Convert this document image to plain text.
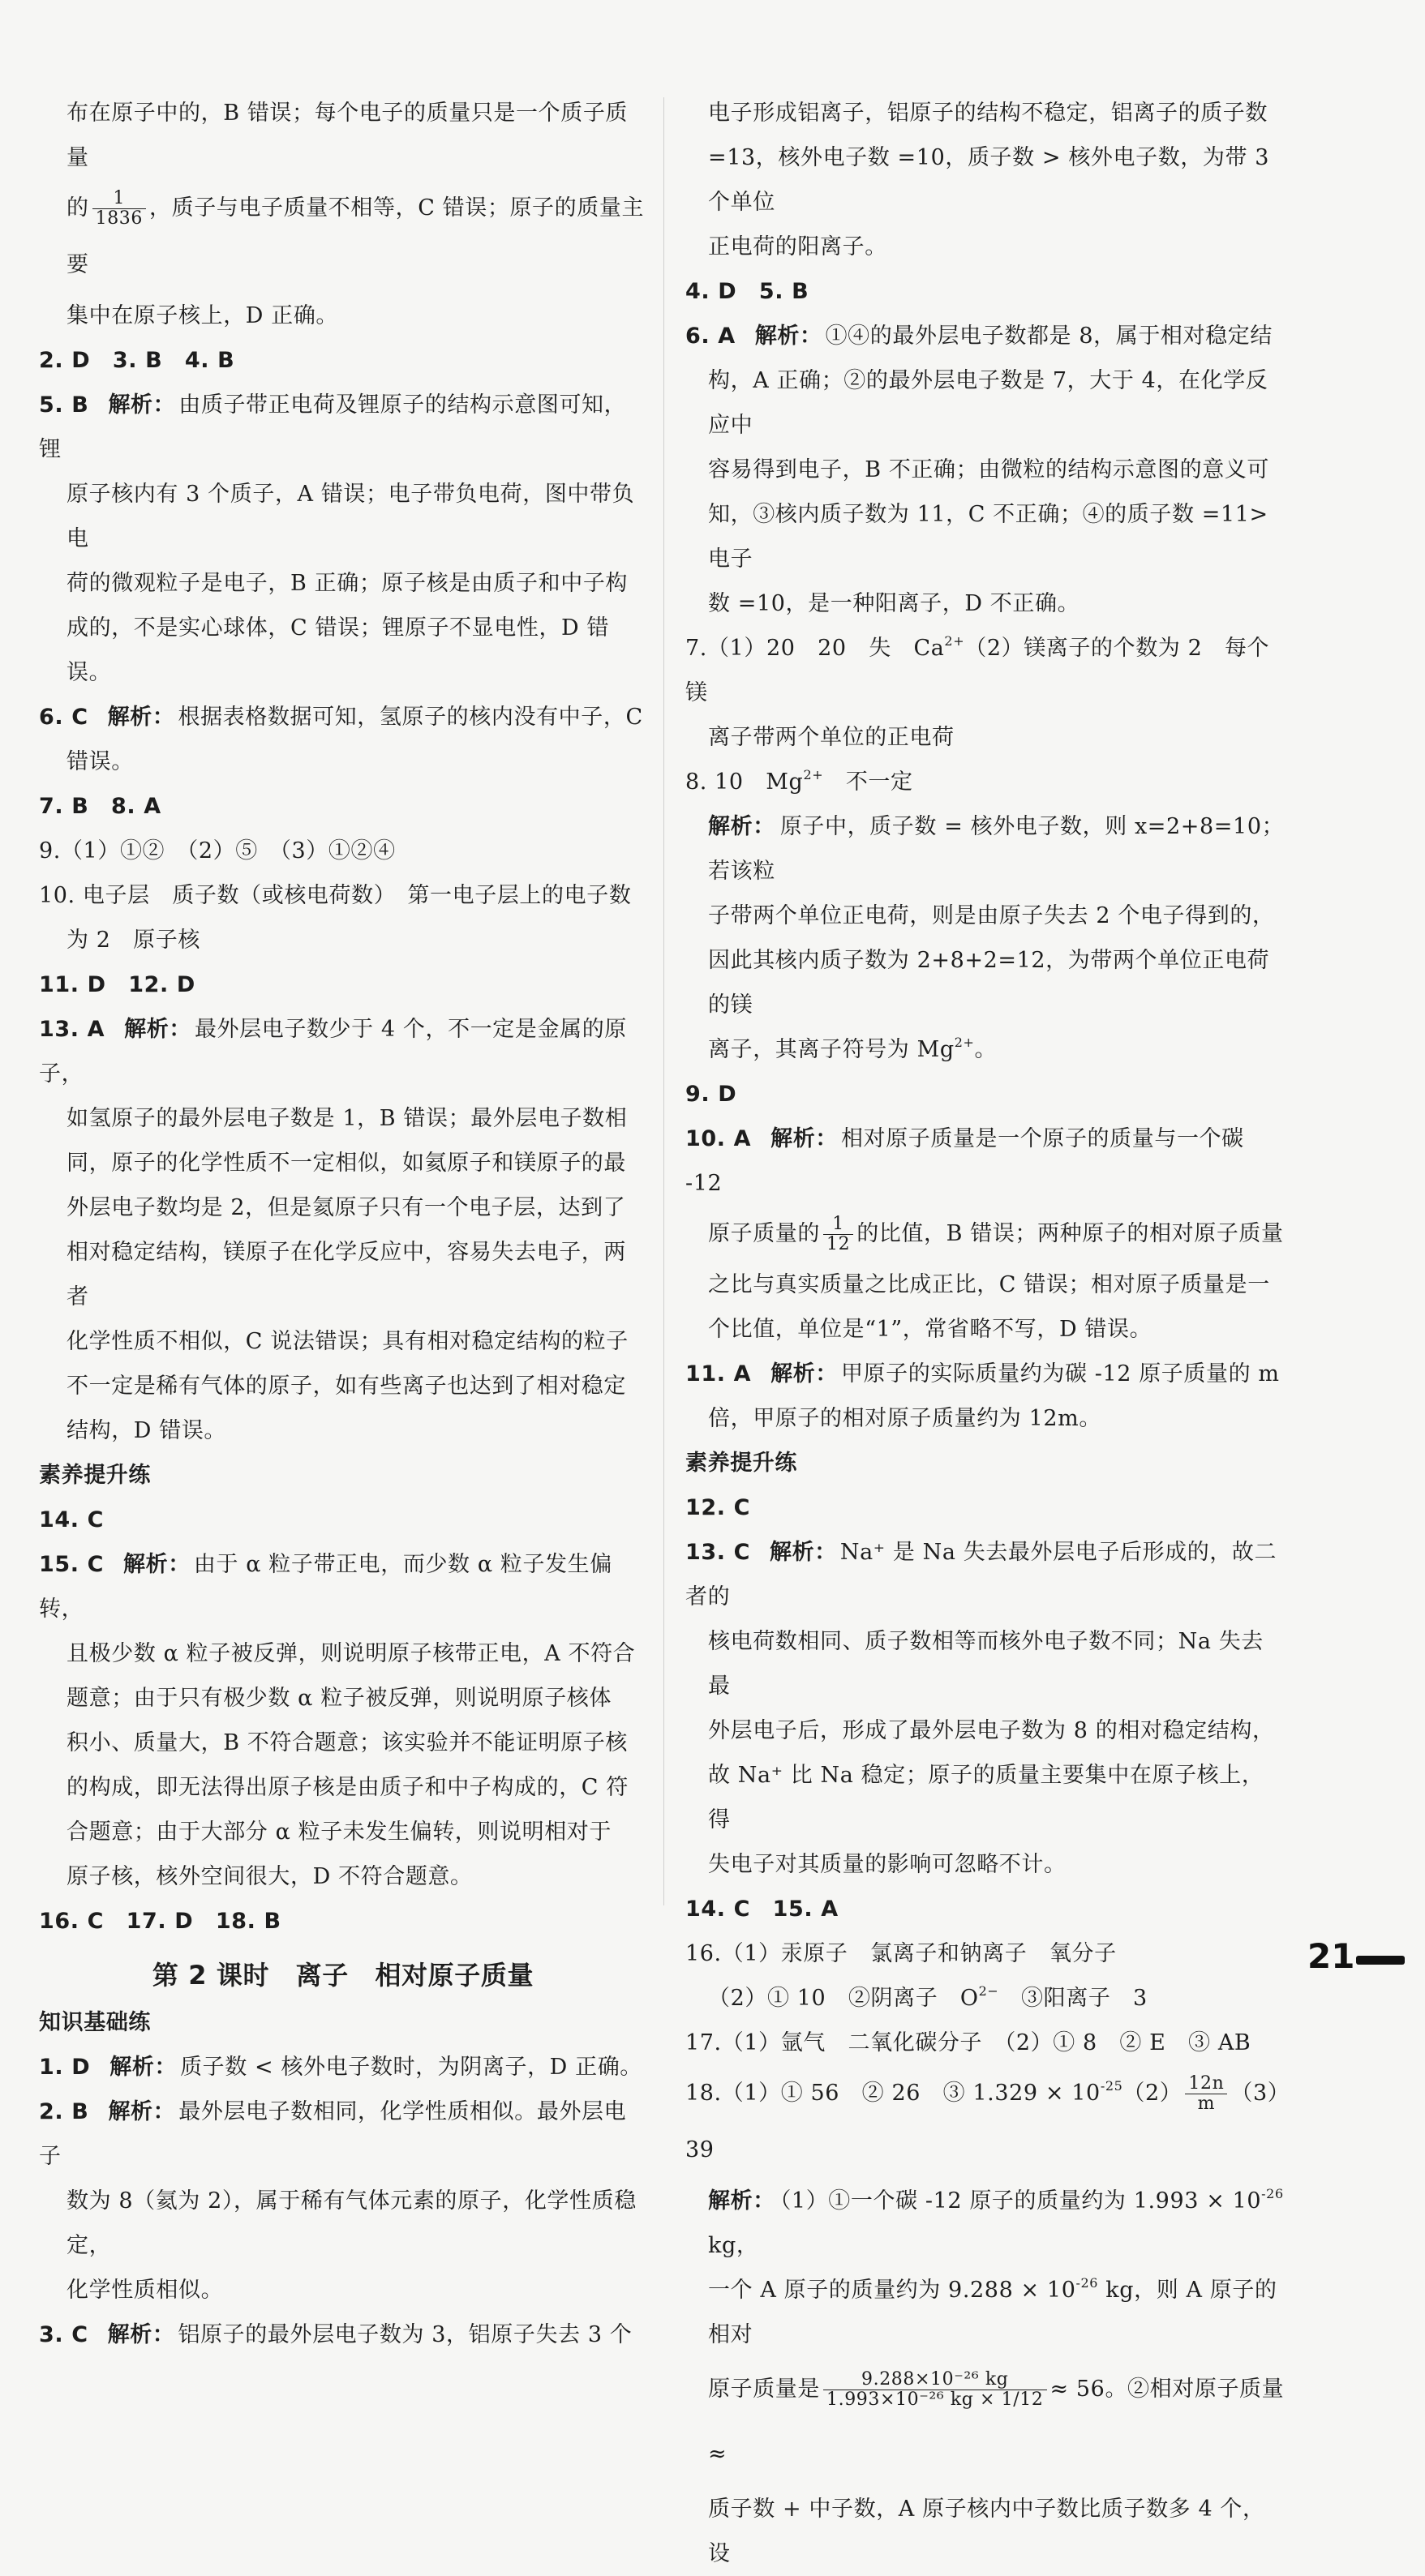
布在原子中的，B 错误；每个电子的质量只是一个质子质量

的 $\frac{1}{1836}$ ，质子与电子质量不相等，C 错误；原子的质量主要

集中在原子核上，D 正确。

2. D　3. B　4. B

5. B 解析： 由质子带正电荷及锂原子的结构示意图可知，锂

原子核内有 3 个质子，A 错误；电子带负电荷，图中带负电

荷的微观粒子是电子，B 正确；原子核是由质子和中子构

成的，不是实心球体，C 错误；锂原子不显电性，D 错误。

6. C 解析： 根据表格数据可知，氢原子的核内没有中子，C

错误。

7. B　8. A

9.（1）①②　（2）⑤　（3）①②④

10. 电子层　质子数（或核电荷数）　第一电子层上的电子数

为 2　原子核

11. D　12. D

13. A 解析： 最外层电子数少于 4 个，不一定是金属的原子，

如氢原子的最外层电子数是 1，B 错误；最外层电子数相

同，原子的化学性质不一定相似，如氦原子和镁原子的最

外层电子数均是 2，但是氦原子只有一个电子层，达到了

相对稳定结构，镁原子在化学反应中，容易失去电子，两者

化学性质不相似，C 说法错误；具有相对稳定结构的粒子

不一定是稀有气体的原子，如有些离子也达到了相对稳定

结构，D 错误。

素养提升练

14. C

15. C 解析： 由于 α 粒子带正电，而少数 α 粒子发生偏转，

且极少数 α 粒子被反弹，则说明原子核带正电，A 不符合

题意；由于只有极少数 α 粒子被反弹，则说明原子核体

积小、质量大，B 不符合题意；该实验并不能证明原子核

的构成，即无法得出原子核是由质子和中子构成的，C 符

合题意；由于大部分 α 粒子未发生偏转，则说明相对于

原子核，核外空间很大，D 不符合题意。

16. C　17. D　18. B

第 2 课时　离子　相对原子质量

知识基础练

1. D 解析： 质子数 < 核外电子数时，为阴离子，D 正确。

2. B 解析： 最外层电子数相同，化学性质相似。最外层电子

数为 8（氦为 2），属于稀有气体元素的原子，化学性质稳定，

化学性质相似。

3. C 解析： 铝原子的最外层电子数为 3，铝原子失去 3 个

电子形成铝离子，铝原子的结构不稳定，铝离子的质子数

=13，核外电子数 =10，质子数 > 核外电子数，为带 3 个单位

正电荷的阳离子。

4. D　5. B

6. A 解析： ①④的最外层电子数都是 8，属于相对稳定结

构，A 正确；②的最外层电子数是 7，大于 4，在化学反应中

容易得到电子，B 不正确；由微粒的结构示意图的意义可

知，③核内质子数为 11，C 不正确；④的质子数 =11> 电子

数 =10，是一种阳离子，D 不正确。

7.（1）20　20　失　$Ca^{2+}(2)$镁离子的个数为 2　每个镁

离子带两个单位的正电荷

8. 10　$Mg^{2+}$　不一定

解析： 原子中，质子数 = 核外电子数，则 x=2+8=10；若该粒

子带两个单位正电荷，则是由原子失去 2 个电子得到的，

因此其核内质子数为 2+8+2=12，为带两个单位正电荷的镁

离子，其离子符号为 $Mg^{2+}$。

9. D

10. A 解析： 相对原子质量是一个原子的质量与一个碳 -12

原子质量的 $\frac{1}{12}$ 的比值，B 错误；两种原子的相对原子质量

之比与真实质量之比成正比，C 错误；相对原子质量是一

个比值，单位是“1”，常省略不写，D 错误。

11. A 解析： 甲原子的实际质量约为碳 -12 原子质量的 m

倍，甲原子的相对原子质量约为 12m。

素养提升练

12. C

13. C 解析： Na⁺ 是 Na 失去最外层电子后形成的，故二者的

核电荷数相同、质子数相等而核外电子数不同；Na 失去最

外层电子后，形成了最外层电子数为 8 的相对稳定结构，

故 Na⁺ 比 Na 稳定；原子的质量主要集中在原子核上，得

失电子对其质量的影响可忽略不计。

14. C　15. A

16.（1）汞原子　氯离子和钠离子　氧分子

（2）① 10　②阴离子　$O^{2-}$　③阳离子　3

17.（1）氩气　二氧化碳分子　（2）① 8　② E　③ AB

18.（1）① 56　② 26　③ $1.329 \times 10^{-25}(2) \frac{12n}{m} (3)39$

解析： （1）①一个碳 -12 原子的质量约为 $1.993 \times 10^{-26}$ kg，

一个 A 原子的质量约为 $9.288 \times 10^{-26}$ kg，则 A 原子的相对

原子质量是 $\frac{\text{9.288×10⁻²⁶ kg}}{\text{1.993×10⁻²⁶ kg × 1/12}} \approx 56$。②相对原子质量≈

质子数 + 中子数，A 原子核内中子数比质子数多 4 个，设

21
